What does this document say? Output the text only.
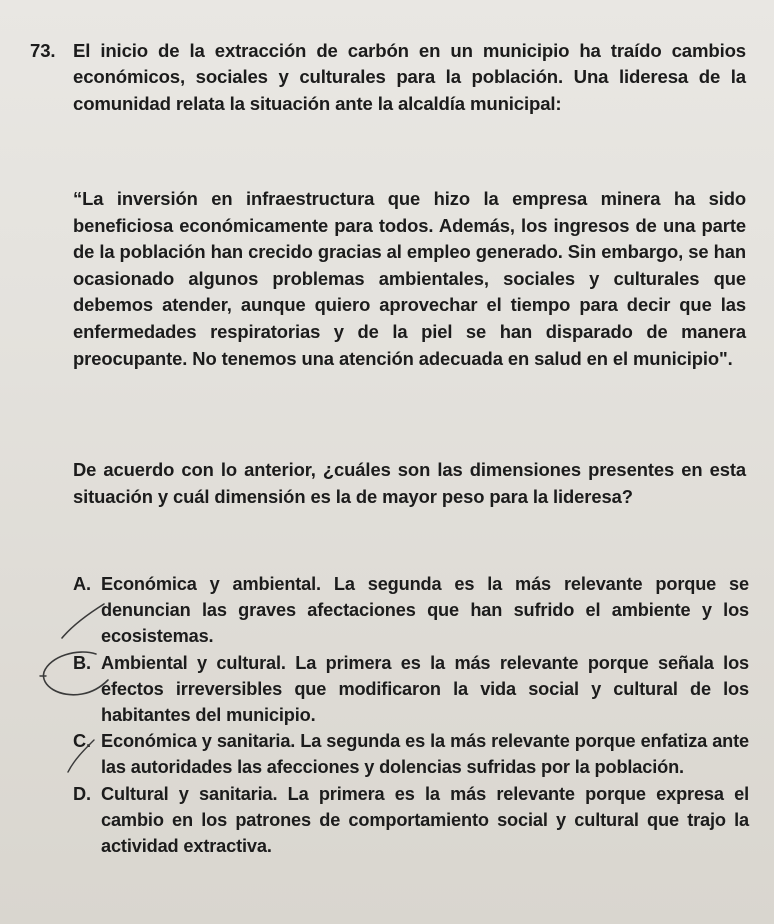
73. El inicio de la extracción de carbón en un municipio ha traído cambios económicos, sociales y culturales para la población. Una lideresa de la comunidad relata la situación ante la alcaldía municipal:
“La inversión en infraestructura que hizo la empresa minera ha sido beneficiosa económicamente para todos. Además, los ingresos de una parte de la población han crecido gracias al empleo generado. Sin embargo, se han ocasionado algunos problemas ambientales, sociales y culturales que debemos atender, aunque quiero aprovechar el tiempo para decir que las enfermedades respiratorias y de la piel se han disparado de manera preocupante. No tenemos una atención adecuada en salud en el municipio".
De acuerdo con lo anterior, ¿cuáles son las dimensiones presentes en esta situación y cuál dimensión es la de mayor peso para la lideresa?
A. Económica y ambiental. La segunda es la más relevante porque se denuncian las graves afectaciones que han sufrido el ambiente y los ecosistemas.
B. Ambiental y cultural. La primera es la más relevante porque señala los efectos irreversibles que modificaron la vida social y cultural de los habitantes del municipio.
C. Económica y sanitaria. La segunda es la más relevante porque enfatiza ante las autoridades las afecciones y dolencias sufridas por la población.
D. Cultural y sanitaria. La primera es la más relevante porque expresa el cambio en los patrones de comportamiento social y cultural que trajo la actividad extractiva.
